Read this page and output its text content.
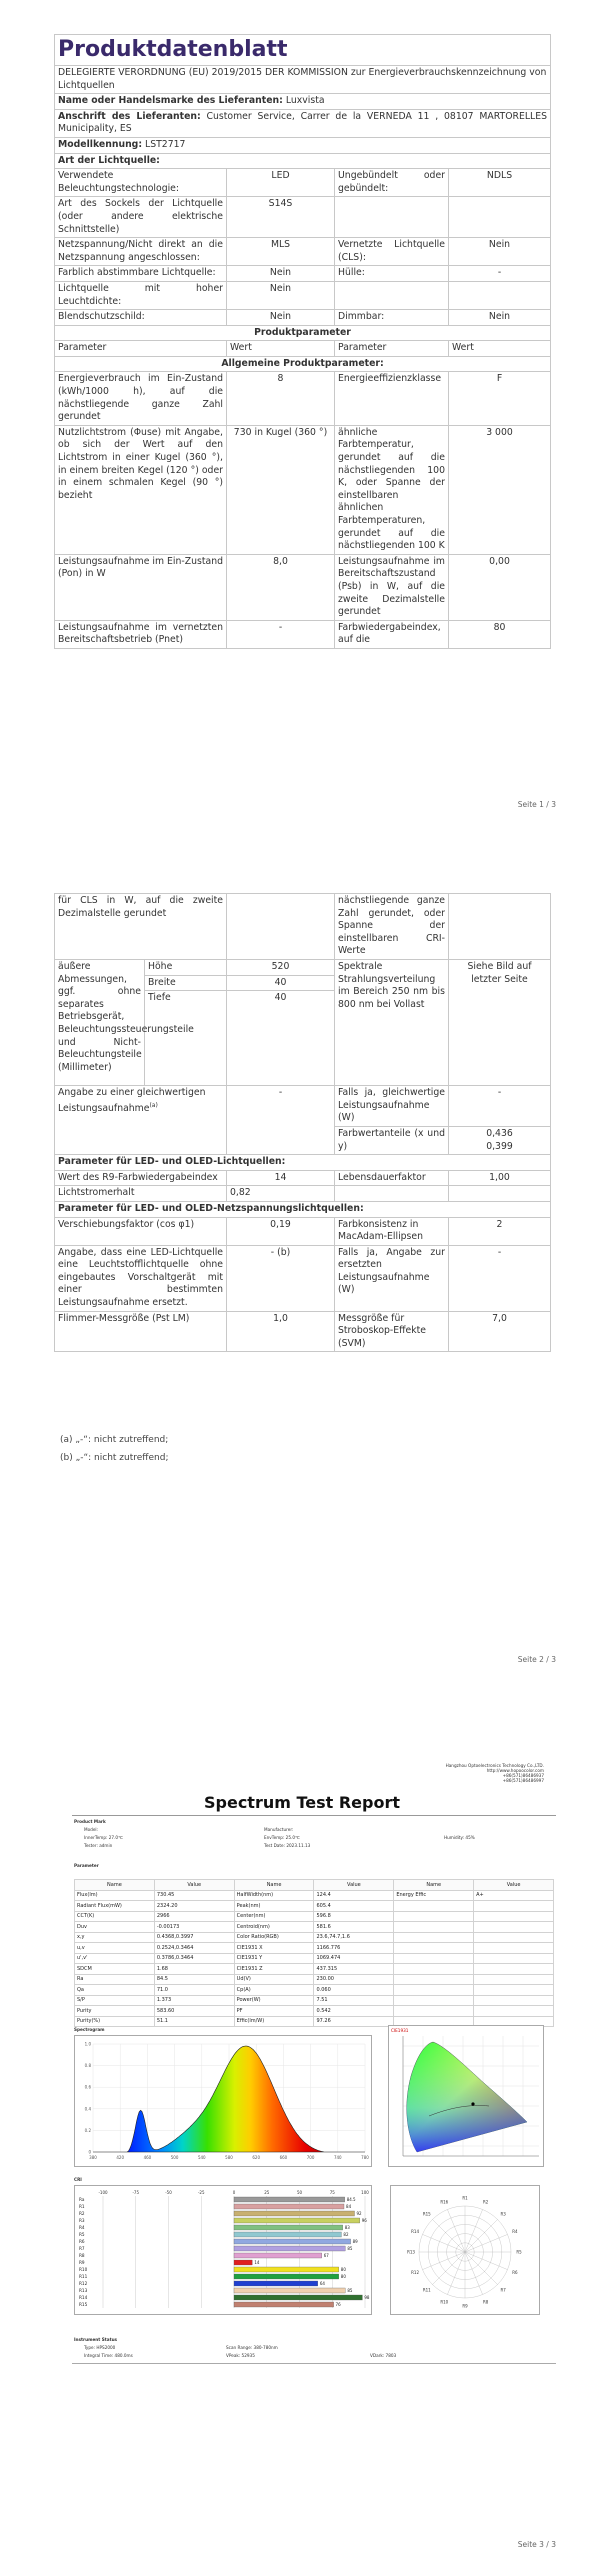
Produktdatenblatt			
DELEGIERTE VERORDNUNG (EU) 2019/2015 DER KOMMISSION zur Energieverbrauchskennzeichnung von Lichtquellen			
Name oder Handelsmarke des Lieferanten: Luxvista			
Anschrift des Lieferanten: Customer Service, Carrer de la VERNEDA 11 , 08107 MARTORELLES Municipality, ES			
Modellkennung: LST2717			
Art der Lichtquelle:			
Verwendete Beleuchtungstechnologie:	LED	Ungebündelt oder gebündelt:	NDLS
Art des Sockels der Lichtquelle (oder andere elektrische Schnittstelle)	S14S		
Netzspannung/Nicht direkt an die Netzspannung angeschlossen:	MLS	Vernetzte Lichtquelle (CLS):	Nein
Farblich abstimmbare Lichtquelle:	Nein	Hülle:	-
Lichtquelle mit hoher Leuchtdichte:	Nein		
Blendschutzschild:	Nein	Dimmbar:	Nein
Produktparameter			
Parameter	Wert	Parameter	Wert
Allgemeine Produktparameter:			
Energieverbrauch im Ein-Zustand (kWh/1000 h), auf die nächstliegende ganze Zahl gerundet	8	Energieeffizienzklasse	F
Nutzlichtstrom (Φuse) mit Angabe, ob sich der Wert auf den Lichtstrom in einer Kugel (360 °), in einem breiten Kegel (120 °) oder in einem schmalen Kegel (90 °) bezieht	730 in Kugel (360 °)	ähnliche Farbtemperatur, gerundet auf die nächstliegenden 100 K, oder Spanne der einstellbaren ähnlichen Farbtemperaturen, gerundet auf die nächstliegenden 100 K	3 000
Leistungsaufnahme im Ein-Zustand (Pon) in W	8,0	Leistungsaufnahme im Bereitschaftszustand (Psb) in W, auf die zweite Dezimalstelle gerundet	0,00
Leistungsaufnahme im vernetzten Bereitschaftsbetrieb (Pnet)	-	Farbwiedergabeindex, auf die	80
Seite 1 / 3
für CLS in W, auf die zweite Dezimalstelle gerundet			nächstliegende ganze Zahl gerundet, oder Spanne der einstellbaren CRI-Werte	
äußere Abmessungen, ggf. ohne separates Betriebsgerät, Beleuchtungssteuerungsteile und Nicht-Beleuchtungsteile (Millimeter)	Höhe	520	Spektrale Strahlungsverteilung im Bereich 250 nm bis 800 nm bei Vollast	Siehe Bild auf letzter Seite
	Breite	40		
	Tiefe	40		
Angabe zu einer gleichwertigen Leistungsaufnahme$^{(a)}$		-	Falls ja, gleichwertige Leistungsaufnahme (W)	-
			Farbwertanteile (x und y)	0,436
0,399
Parameter für LED- und OLED-Lichtquellen:				
Wert des R9-Farbwiedergabeindex		14	Lebensdauerfaktor	1,00
Lichtstromerhalt		0,82		
Parameter für LED- und OLED-Netzspannungslichtquellen:				
Verschiebungsfaktor (cos φ1)		0,19	Farbkonsistenz in MacAdam-Ellipsen	2
Angabe, dass eine LED-Lichtquelle eine Leuchtstofflichtquelle ohne eingebautes Vorschaltgerät mit einer bestimmten Leistungsaufnahme ersetzt.		- (b)	Falls ja, Angabe zur ersetzten Leistungsaufnahme (W)	-
Flimmer-Messgröße (Pst LM)		1,0	Messgröße für Stroboskop-Effekte (SVM)	7,0
(a) „-“: nicht zutreffend;
(b) „-“: nicht zutreffend;
Seite 2 / 3
Hangzhou Optoelectronics Technology Co.,LTD.
http://www.hopoocolor.com
+86(571)86486937
+86(571)86486997
Spectrum Test Report
Product Mark
Model:	Manufacturer:
InnerTemp: 27.0℃	EnvTemp: 25.0℃	Humidity: 45%
Tester: admin	Test Date: 2023.11.13
Parameter
Name	Value	Name	Value	Name	Value
Flux(lm)	730.45	HalfWidth(nm)	124.4	Energy Effic	A+
Radiant Flux(mW)	2324.20	Peak(nm)	605.4		
CCT(K)	2966	Center(nm)	596.8		
Duv	-0.00173	Centroid(nm)	581.6		
x,y	0.4368,0.3997	Color Ratio(RGB)	23.6,74.7,1.6		
u,v	0.2524,0.3464	CIE1931 X	1166.776		
u',v'	0.3786,0.3464	CIE1931 Y	1069.474		
SDCM	1.68	CIE1931 Z	437.315		
Ra	84.5	Ud(V)	230.00		
Qa	71.0	Cp(A)	0.060		
S/P	1.373	Power(W)	7.51		
Purity	583.60	PF	0.542		
Purity(%)	51.1	Effic(lm/W)	97.26		
Spectrogram
380	420	460	500	540	580	620	660	700	740	780
1.0
0.8
0.6
0.4
0.2
0
CIE1931
CRI
-100	-75	-50	-25	0	25	50	75	100
Ra	84.5
R1	84
R2	92
R3	96
R4	83
R5	82
R6	89
R7	85
R8	67
R9	14
R10	80
R11	80
R12	64
R13	85
R14	98
R15	76
R1
R2
R3
R4
R5
R6
R7
R8
R9
R10
R11
R12
R13
R14
R15
R16
Instrument Status
Type: HPS2000	Scan Range: 380-780nm
Integral Time: 480.0ms	VPeak: 52935	VDark: 7803
Seite 3 / 3
